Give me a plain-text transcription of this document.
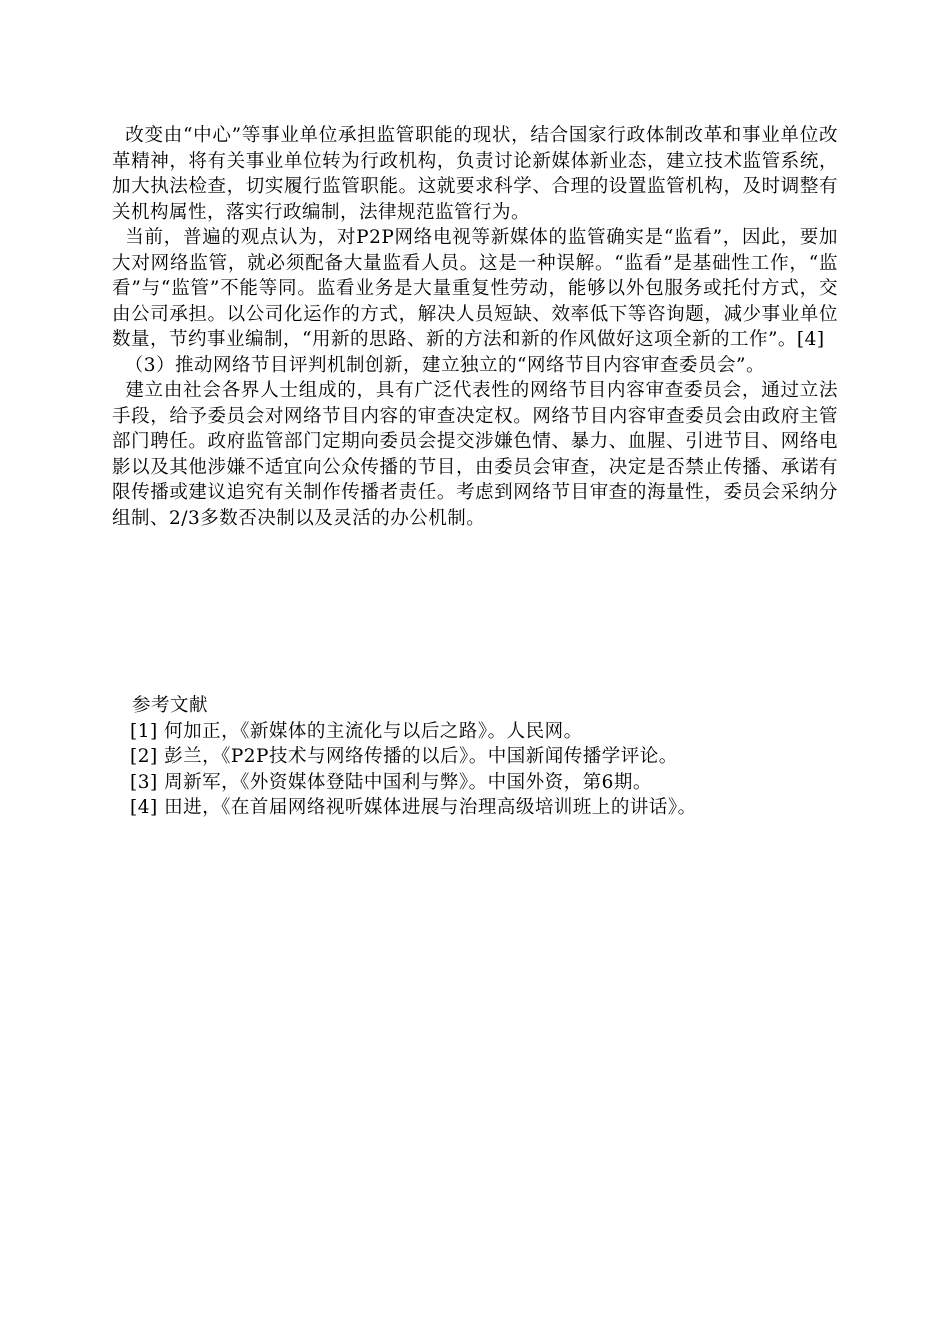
改变由“中心”等事业单位承担监管职能的现状，结合国家行政体制改革和事业单位改革精神，将有关事业单位转为行政机构，负责讨论新媒体新业态，建立技术监管系统，加大执法检查，切实履行监管职能。这就要求科学、合理的设置监管机构，及时调整有关机构属性，落实行政编制，法律规范监管行为。

当前，普遍的观点认为，对P2P网络电视等新媒体的监管确实是“监看”，因此，要加大对网络监管，就必须配备大量监看人员。这是一种误解。“监看”是基础性工作，“监看”与“监管”不能等同。监看业务是大量重复性劳动，能够以外包服务或托付方式，交由公司承担。以公司化运作的方式，解决人员短缺、效率低下等咨询题，减少事业单位数量，节约事业编制，“用新的思路、新的方法和新的作风做好这项全新的工作”。[4]

（3）推动网络节目评判机制创新，建立独立的“网络节目内容审查委员会”。

建立由社会各界人士组成的，具有广泛代表性的网络节目内容审查委员会，通过立法手段，给予委员会对网络节目内容的审查决定权。网络节目内容审查委员会由政府主管部门聘任。政府监管部门定期向委员会提交涉嫌色情、暴力、血腥、引进节目、网络电影以及其他涉嫌不适宜向公众传播的节目，由委员会审查，决定是否禁止传播、承诺有限传播或建议追究有关制作传播者责任。考虑到网络节目审查的海量性，委员会采纳分组制、2/3多数否决制以及灵活的办公机制。

参考文献

[1] 何加正，《新媒体的主流化与以后之路》。人民网。
[2] 彭兰，《P2P技术与网络传播的以后》。中国新闻传播学评论。
[3] 周新军，《外资媒体登陆中国利与弊》。中国外资，第6期。
[4] 田进，《在首届网络视听媒体进展与治理高级培训班上的讲话》。
